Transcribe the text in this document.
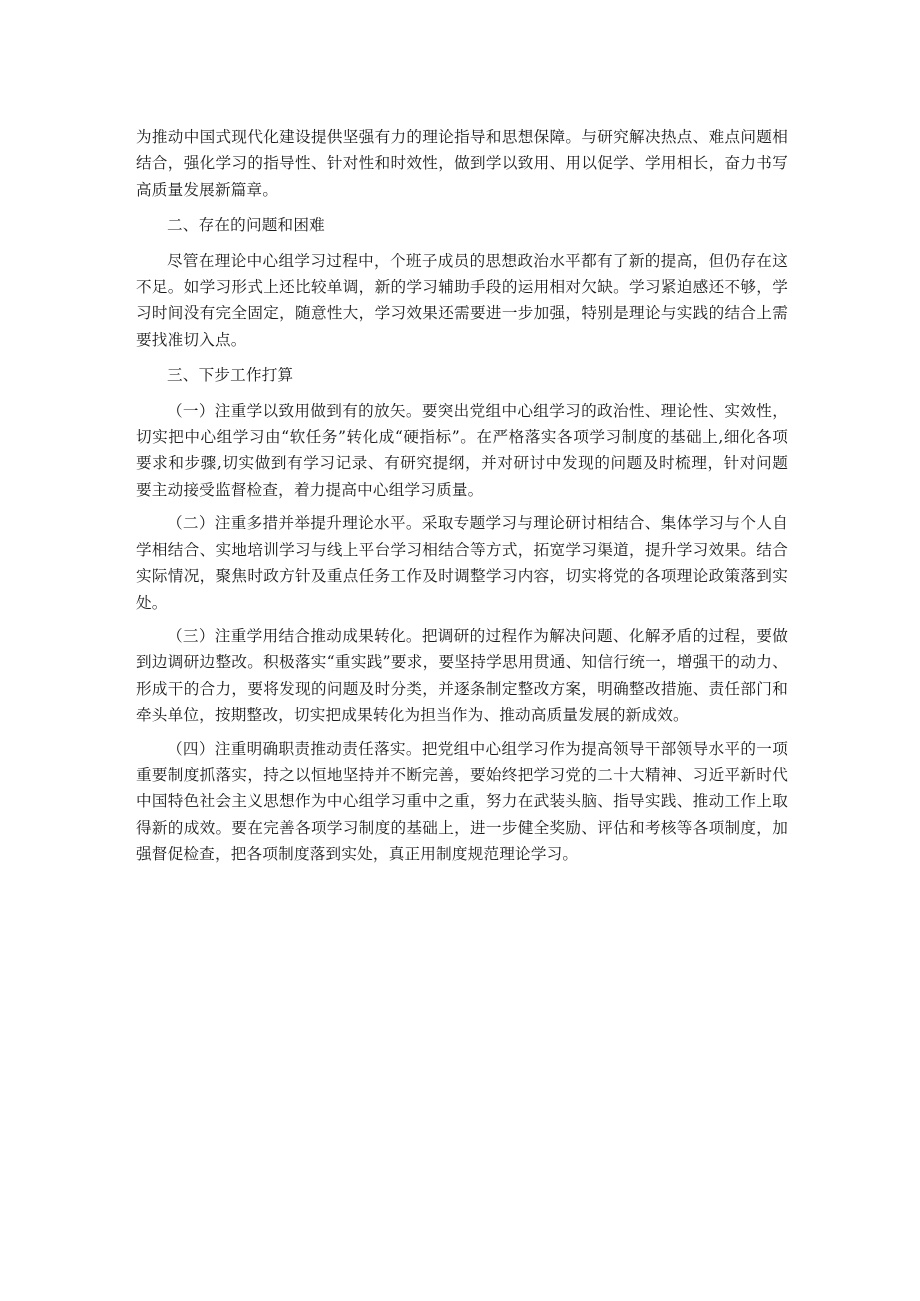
为推动中国式现代化建设提供坚强有力的理论指导和思想保障。与研究解决热点、难点问题相结合，强化学习的指导性、针对性和时效性，做到学以致用、用以促学、学用相长，奋力书写高质量发展新篇章。

二、存在的问题和困难

尽管在理论中心组学习过程中，个班子成员的思想政治水平都有了新的提高，但仍存在这不足。如学习形式上还比较单调，新的学习辅助手段的运用相对欠缺。学习紧迫感还不够，学习时间没有完全固定，随意性大，学习效果还需要进一步加强，特别是理论与实践的结合上需要找准切入点。

三、下步工作打算

（一）注重学以致用做到有的放矢。要突出党组中心组学习的政治性、理论性、实效性，切实把中心组学习由“软任务”转化成“硬指标”。在严格落实各项学习制度的基础上,细化各项要求和步骤,切实做到有学习记录、有研究提纲，并对研讨中发现的问题及时梳理，针对问题要主动接受监督检查，着力提高中心组学习质量。

（二）注重多措并举提升理论水平。采取专题学习与理论研讨相结合、集体学习与个人自学相结合、实地培训学习与线上平台学习相结合等方式，拓宽学习渠道，提升学习效果。结合实际情况，聚焦时政方针及重点任务工作及时调整学习内容，切实将党的各项理论政策落到实处。

（三）注重学用结合推动成果转化。把调研的过程作为解决问题、化解矛盾的过程，要做到边调研边整改。积极落实“重实践”要求，要坚持学思用贯通、知信行统一，增强干的动力、形成干的合力，要将发现的问题及时分类，并逐条制定整改方案，明确整改措施、责任部门和牵头单位，按期整改，切实把成果转化为担当作为、推动高质量发展的新成效。

（四）注重明确职责推动责任落实。把党组中心组学习作为提高领导干部领导水平的一项重要制度抓落实，持之以恒地坚持并不断完善，要始终把学习党的二十大精神、习近平新时代中国特色社会主义思想作为中心组学习重中之重，努力在武装头脑、指导实践、推动工作上取得新的成效。要在完善各项学习制度的基础上，进一步健全奖励、评估和考核等各项制度，加强督促检查，把各项制度落到实处，真正用制度规范理论学习。
